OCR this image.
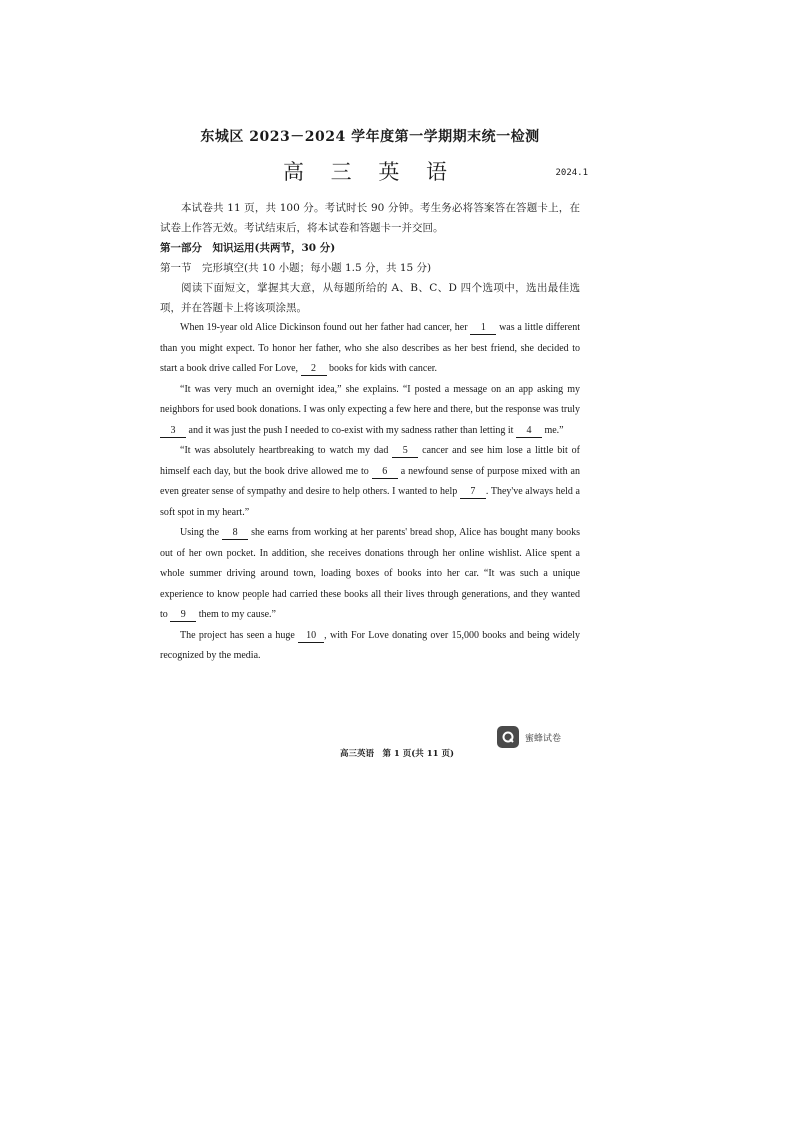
东城区 2023－2024 学年度第一学期期末统一检测
高 三 英 语	2024.1
本试卷共 11 页，共 100 分。考试时长 90 分钟。考生务必将答案答在答题卡上，在试卷上作答无效。考试结束后，将本试卷和答题卡一并交回。
第一部分　知识运用(共两节，30 分)
第一节　完形填空(共 10 小题；每小题 1.5 分，共 15 分)
阅读下面短文，掌握其大意，从每题所给的 A、B、C、D 四个选项中，选出最佳选项，并在答题卡上将该项涂黑。

When 19-year old Alice Dickinson found out her father had cancer, her 1 was a little different than you might expect. To honor her father, who she also describes as her best friend, she decided to start a book drive called For Love, 2 books for kids with cancer.

“It was very much an overnight idea,” she explains. “I posted a message on an app asking my neighbors for used book donations. I was only expecting a few here and there, but the response was truly 3 and it was just the push I needed to co-exist with my sadness rather than letting it 4 me.”

“It was absolutely heartbreaking to watch my dad 5 cancer and see him lose a little bit of himself each day, but the book drive allowed me to 6 a newfound sense of purpose mixed with an even greater sense of sympathy and desire to help others. I wanted to help 7 . They've always held a soft spot in my heart.”

Using the 8 she earns from working at her parents' bread shop, Alice has bought many books out of her own pocket. In addition, she receives donations through her online wishlist. Alice spent a whole summer driving around town, loading boxes of books into her car. “It was such a unique experience to know people had carried these books all their lives through generations, and they wanted to 9 them to my cause.”

The project has seen a huge 10 , with For Love donating over 15,000 books and being widely recognized by the media.

蜜蜂试卷
高三英语　第 1 页(共 11 页)
